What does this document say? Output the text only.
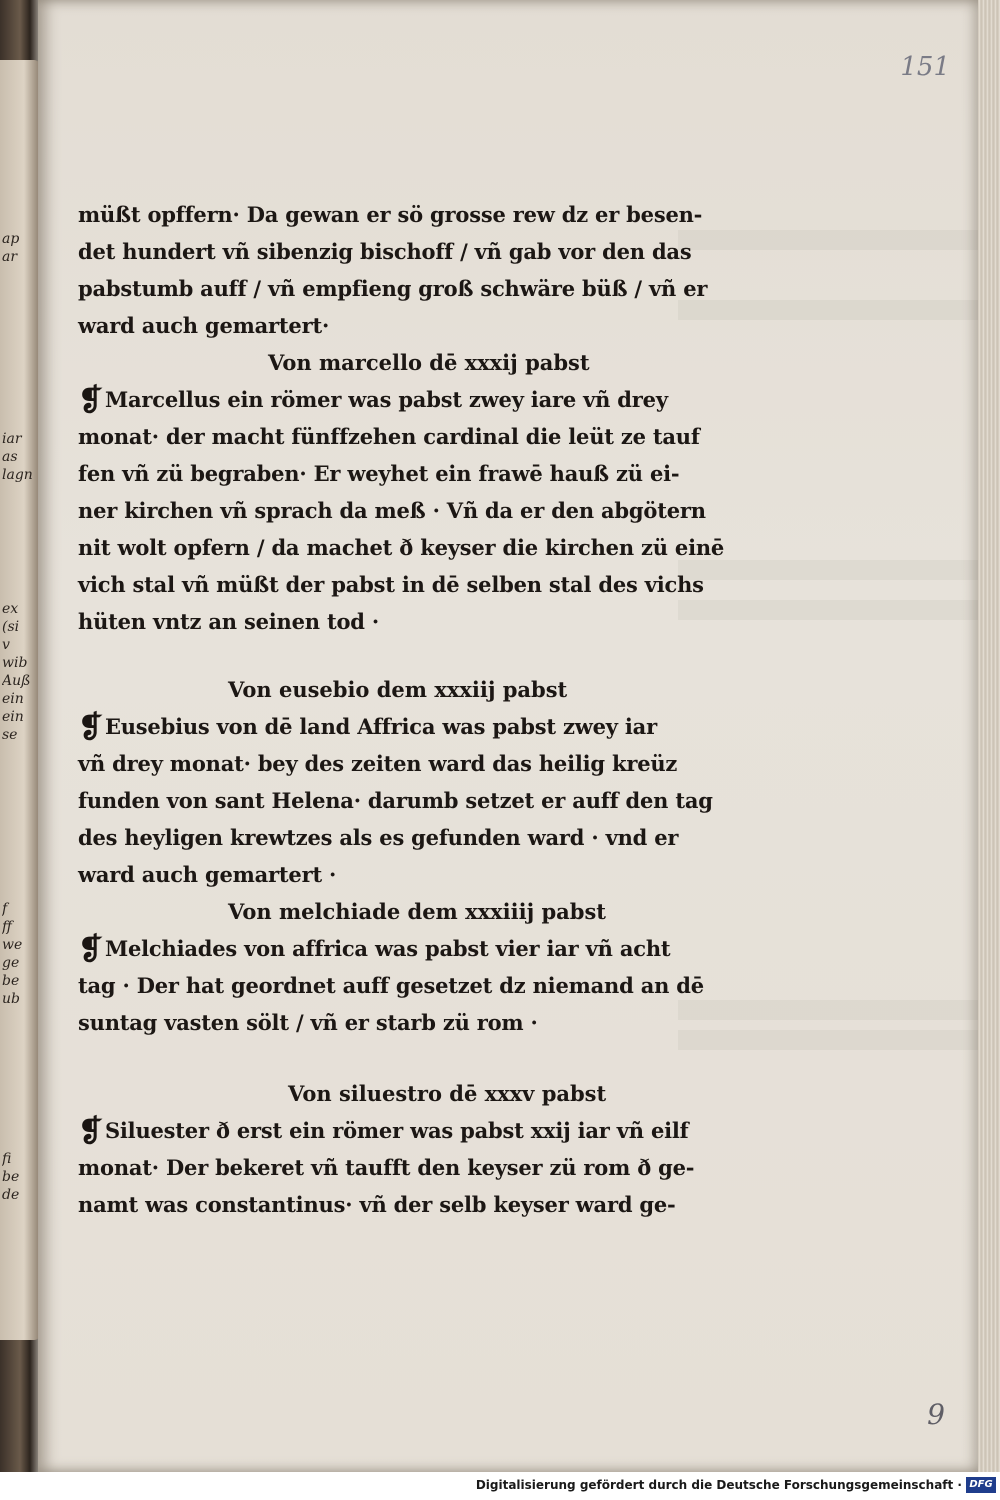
ap
ar
iar
as
lagn
ex
(si
v
wib
Auß
ein
ein
se
f
ff
we
ge
be
ub
fi
be
de
151
müßt opffern· Da gewan er sö grosse rew dz er besen-
det hundert vñ sibenzig bischoff / vñ gab vor den das
pabstumb auff / vñ empfieng groß schwäre büß / vñ er
ward auch gemartert·
Von marcello dē xxxij pabst
❡Marcellus ein römer was pabst zwey iare vñ drey
monat· der macht fünffzehen cardinal die leüt ze tauf
fen vñ zü begraben· Er weyhet ein frawē hauß zü ei-
ner kirchen vñ sprach da meß · Vñ da er den abgötern
nit wolt opfern / da machet ð keyser die kirchen zü einē
vich stal vñ müßt der pabst in dē selben stal des vichs
hüten vntz an seinen tod ·
Von eusebio dem xxxiij pabst
❡Eusebius von dē land Affrica was pabst zwey iar
vñ drey monat· bey des zeiten ward das heilig kreüz
funden von sant Helena· darumb setzet er auff den tag
des heyligen krewtzes als es gefunden ward · vnd er
ward auch gemartert ·
Von melchiade dem xxxiiij pabst
❡Melchiades von affrica was pabst vier iar vñ acht
tag · Der hat geordnet auff gesetzet dz niemand an dē
suntag vasten sölt / vñ er starb zü rom ·
Von siluestro dē xxxv pabst
❡Siluester ð erst ein römer was pabst xxij iar vñ eilf
monat· Der bekeret vñ taufft den keyser zü rom ð ge-
namt was constantinus· vñ der selb keyser ward ge-
9
Digitalisierung gefördert durch die Deutsche Forschungsgemeinschaft · DFG
